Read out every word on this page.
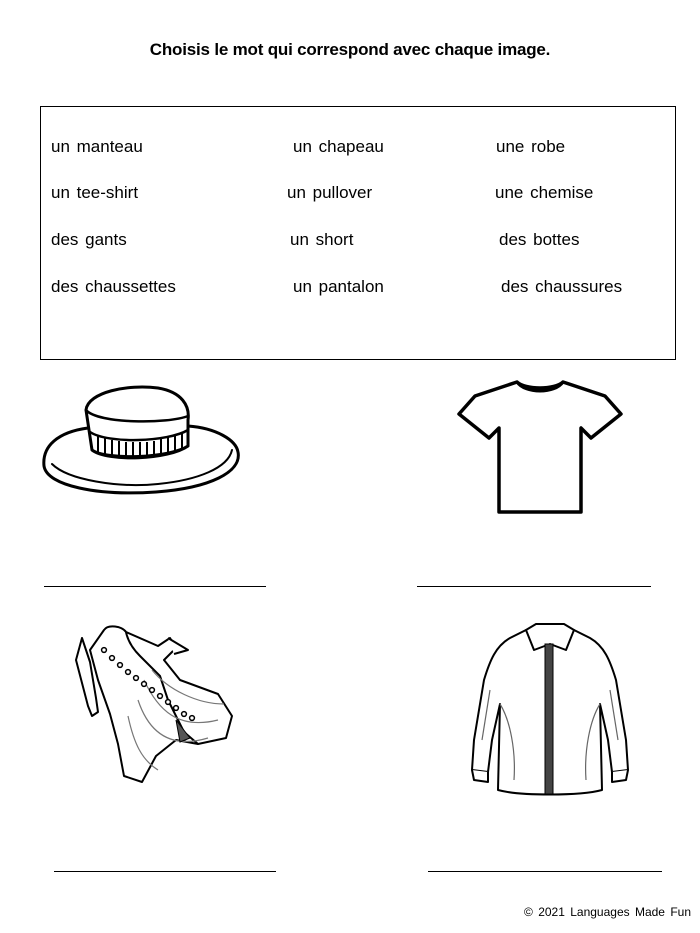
Choisis le mot qui correspond avec chaque image.
un manteau	un chapeau	une robe
un tee-shirt	un pullover	une chemise
des gants	un short	des bottes
des chaussettes	un pantalon	des chaussures
© 2021 Languages Made Fun
